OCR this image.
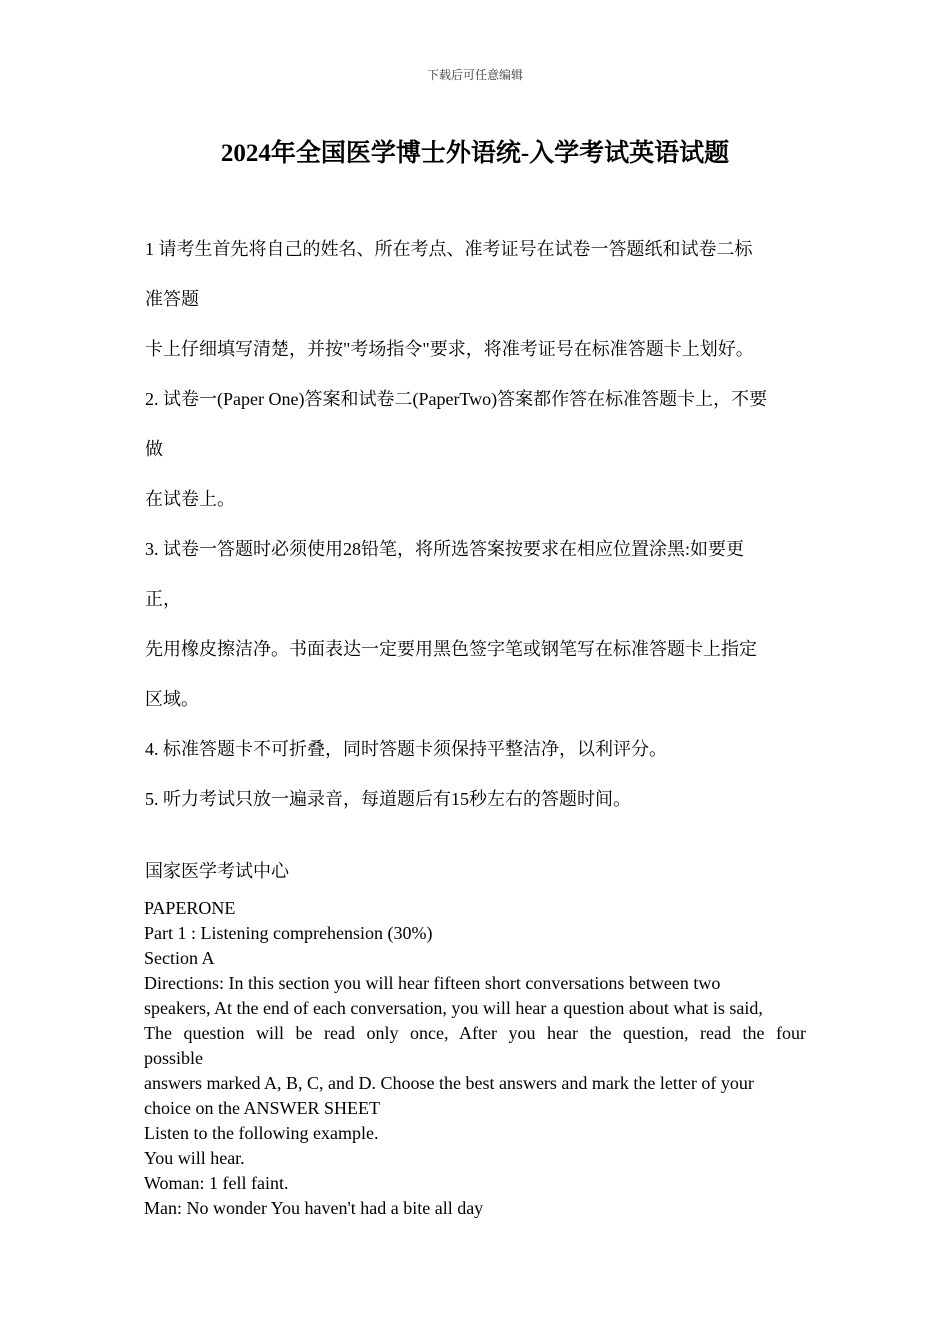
下载后可任意编辑
2024年全国医学博士外语统-入学考试英语试题
1 请考生首先将自己的姓名、所在考点、准考证号在试卷一答题纸和试卷二标
准答题
卡上仔细填写清楚，并按"考场指令"要求，将准考证号在标准答题卡上划好。
2. 试卷一(Paper One)答案和试卷二(PaperTwo)答案都作答在标准答题卡上，不要
做
在试卷上。
3. 试卷一答题时必须使用28铅笔，将所选答案按要求在相应位置涂黑:如要更
正，
先用橡皮擦洁净。书面表达一定要用黑色签字笔或钢笔写在标准答题卡上指定
区域。
4. 标准答题卡不可折叠，同时答题卡须保持平整洁净，以利评分。
5. 听力考试只放一遍录音，每道题后有15秒左右的答题时间。
国家医学考试中心
PAPERONE
Part 1 : Listening comprehension (30%)
Section A
Directions: In this section you will hear fifteen short conversations between two
speakers, At the end of each conversation, you will hear a question about what is said,
The question will be read only once, After you hear the question, read the four
possible
answers marked A, B, C, and D. Choose the best answers and mark the letter of your
choice on the ANSWER SHEET
Listen to the following example.
You will hear.
Woman: 1 fell faint.
Man: No wonder You haven't had a bite all day
